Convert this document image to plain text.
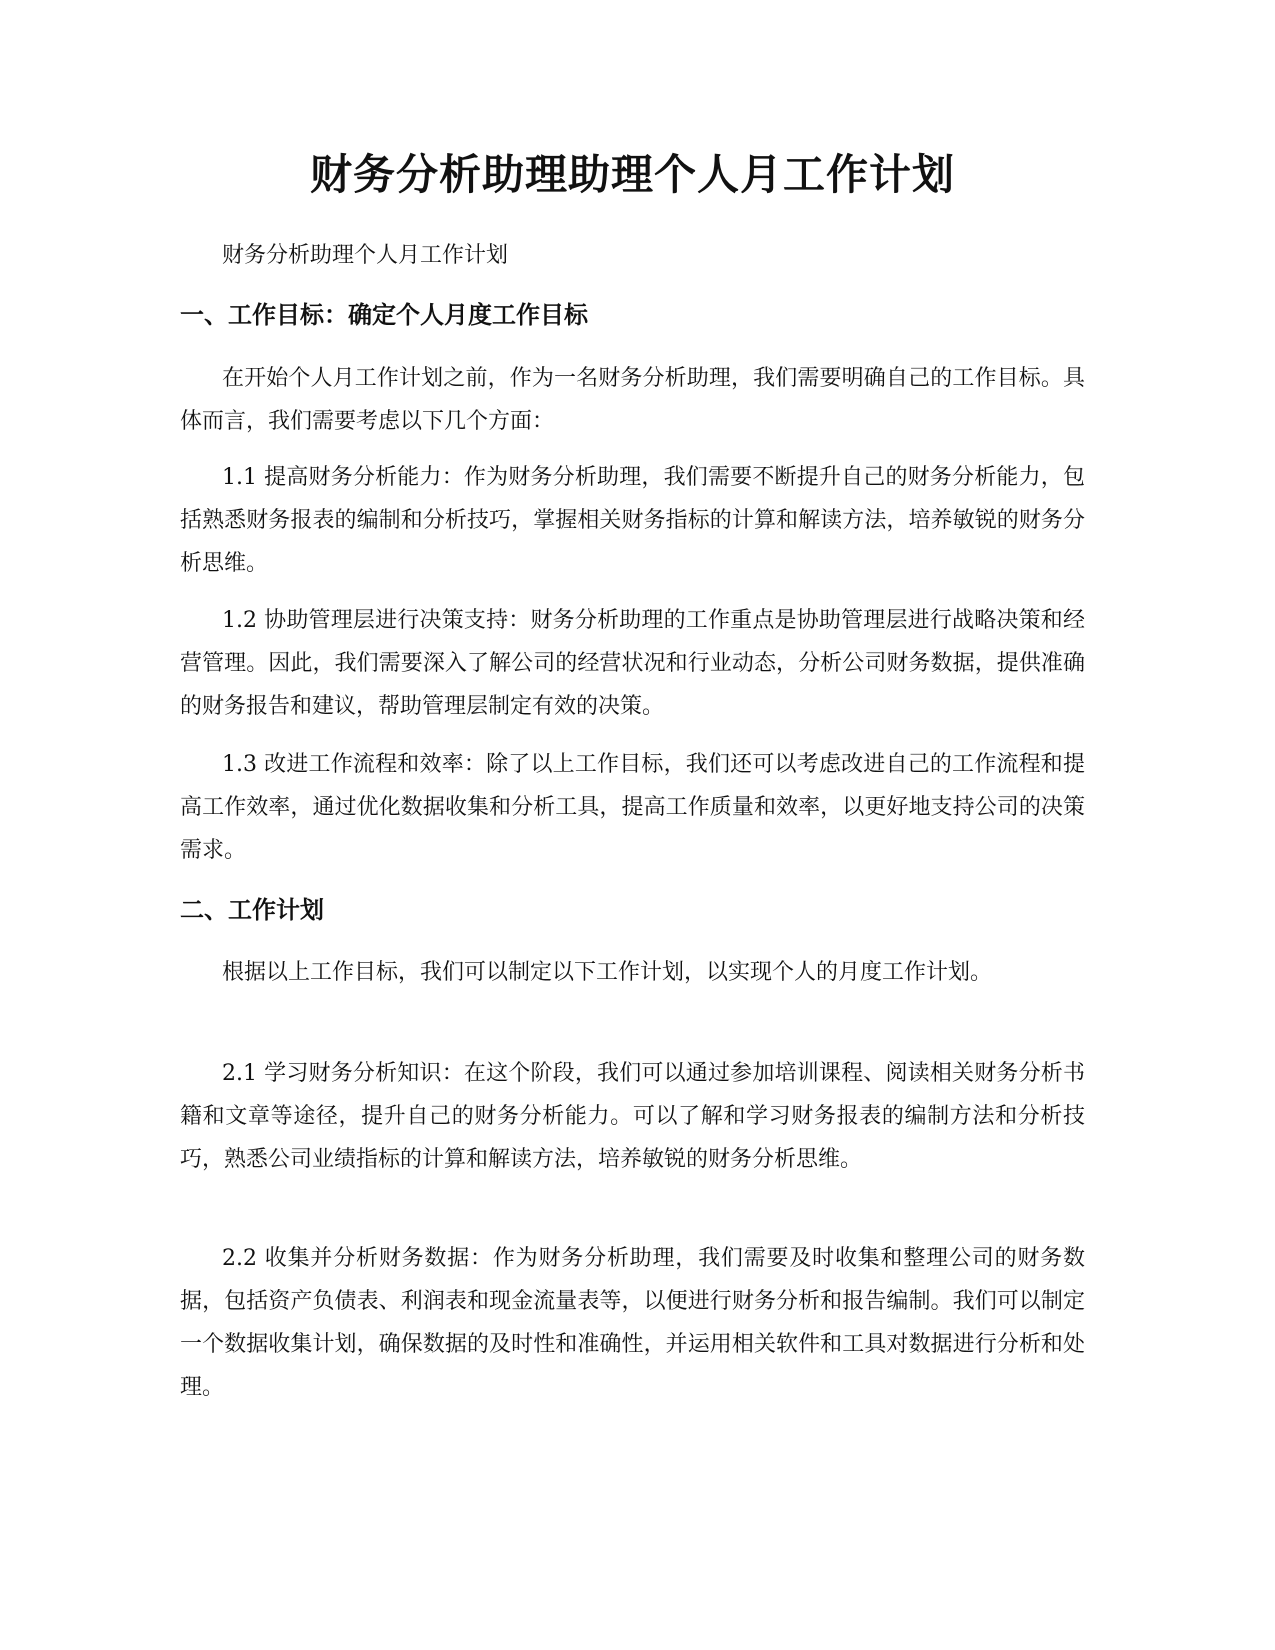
财务分析助理助理个人月工作计划

财务分析助理个人月工作计划

一、工作目标：确定个人月度工作目标

在开始个人月工作计划之前，作为一名财务分析助理，我们需要明确自己的工作目标。具体而言，我们需要考虑以下几个方面：

1.1 提高财务分析能力：作为财务分析助理，我们需要不断提升自己的财务分析能力，包括熟悉财务报表的编制和分析技巧，掌握相关财务指标的计算和解读方法，培养敏锐的财务分析思维。

1.2 协助管理层进行决策支持：财务分析助理的工作重点是协助管理层进行战略决策和经营管理。因此，我们需要深入了解公司的经营状况和行业动态，分析公司财务数据，提供准确的财务报告和建议，帮助管理层制定有效的决策。

1.3 改进工作流程和效率：除了以上工作目标，我们还可以考虑改进自己的工作流程和提高工作效率，通过优化数据收集和分析工具，提高工作质量和效率，以更好地支持公司的决策需求。

二、工作计划

根据以上工作目标，我们可以制定以下工作计划，以实现个人的月度工作计划。

2.1 学习财务分析知识：在这个阶段，我们可以通过参加培训课程、阅读相关财务分析书籍和文章等途径，提升自己的财务分析能力。可以了解和学习财务报表的编制方法和分析技巧，熟悉公司业绩指标的计算和解读方法，培养敏锐的财务分析思维。

2.2 收集并分析财务数据：作为财务分析助理，我们需要及时收集和整理公司的财务数据，包括资产负债表、利润表和现金流量表等，以便进行财务分析和报告编制。我们可以制定一个数据收集计划，确保数据的及时性和准确性，并运用相关软件和工具对数据进行分析和处理。
